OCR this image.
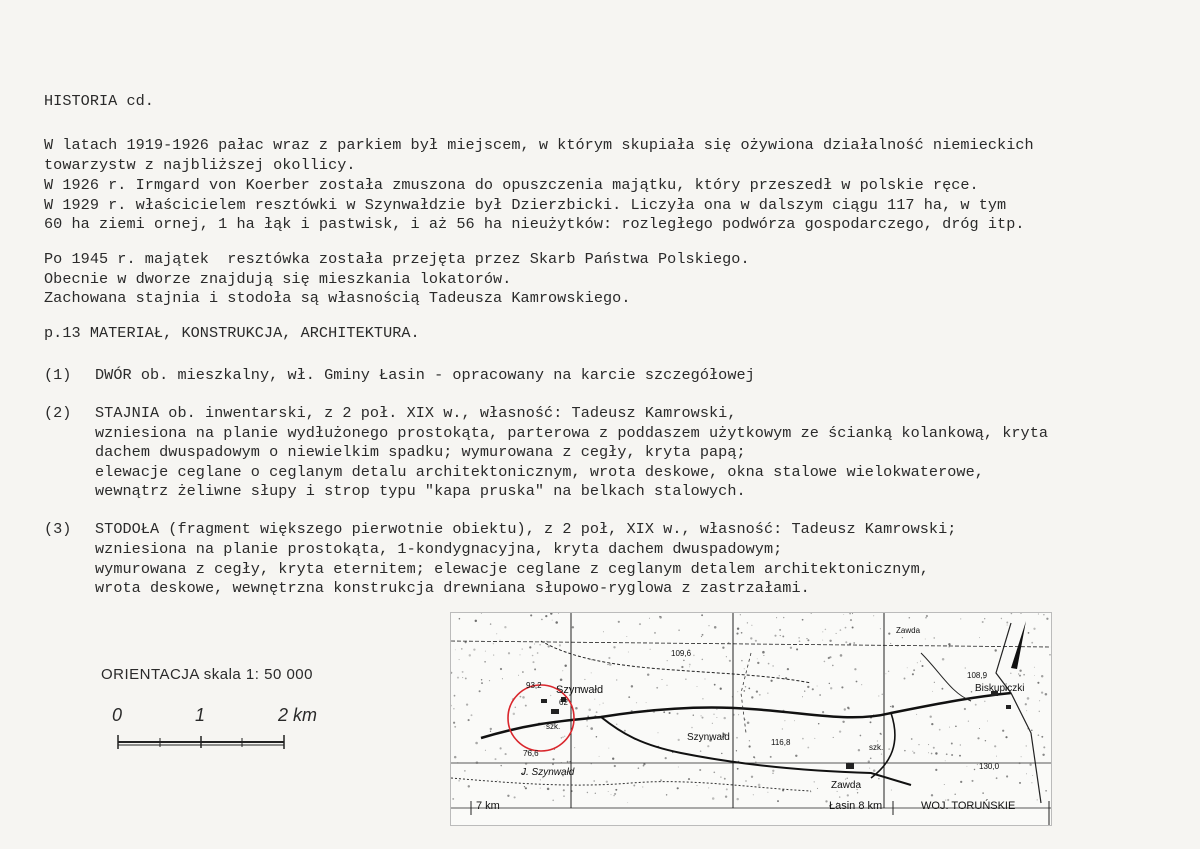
HISTORIA cd.
W latach 1919-1926 pałac wraz z parkiem był miejscem, w którym skupiała się ożywiona działalność niemieckich
towarzystw z najbliższej okollicy.
W 1926 r. Irmgard von Koerber została zmuszona do opuszczenia majątku, który przeszedł w polskie ręce.
W 1929 r. właścicielem resztówki w Szynwałdzie był Dzierzbicki. Liczyła ona w dalszym ciągu 117 ha, w tym
60 ha ziemi ornej, 1 ha łąk i pastwisk, i aż 56 ha nieużytków: rozległego podwórza gospodarczego, dróg itp.
Po 1945 r. majątek  resztówka została przejęta przez Skarb Państwa Polskiego.
Obecnie w dworze znajdują się mieszkania lokatorów.
Zachowana stajnia i stodoła są własnością Tadeusza Kamrowskiego.
p.13 MATERIAŁ, KONSTRUKCJA, ARCHITEKTURA.
(1) DWÓR ob. mieszkalny, wł. Gminy Łasin - opracowany na karcie szczegółowej
(2) STAJNIA ob. inwentarski, z 2 poł. XIX w., własność: Tadeusz Kamrowski,
wzniesiona na planie wydłużonego prostokąta, parterowa z poddaszem użytkowym ze ścianką kolankową, kryta
dachem dwuspadowym o niewielkim spadku; wymurowana z cegły, kryta papą;
elewacje ceglane o ceglanym detalu architektonicznym, wrota deskowe, okna stalowe wielokwaterowe,
wewnątrz żeliwne słupy i strop typu "kapa pruska" na belkach stalowych.
(3) STODOŁA (fragment większego pierwotnie obiektu), z 2 poł, XIX w., własność: Tadeusz Kamrowski;
wzniesiona na planie prostokąta, 1-kondygnacyjna, kryta dachem dwuspadowym;
wymurowana z cegły, kryta eternitem; elewacje ceglane z ceglanym detalem architektonicznym,
wrota deskowe, wewnętrzna konstrukcja drewniana słupowo-ryglowa z zastrzałami.
ORIENTACJA skala 1: 50 000
0	1	2 km
Szynwałd
93,2
62
109,6
Szynwałd	116,8
76,6
J. Szynwałd
szk.
szk.
108,9
Biskupiczki
Zawda
Zawda
130,0
7 km	Łasin 8 km	WOJ. TORUŃSKIE
